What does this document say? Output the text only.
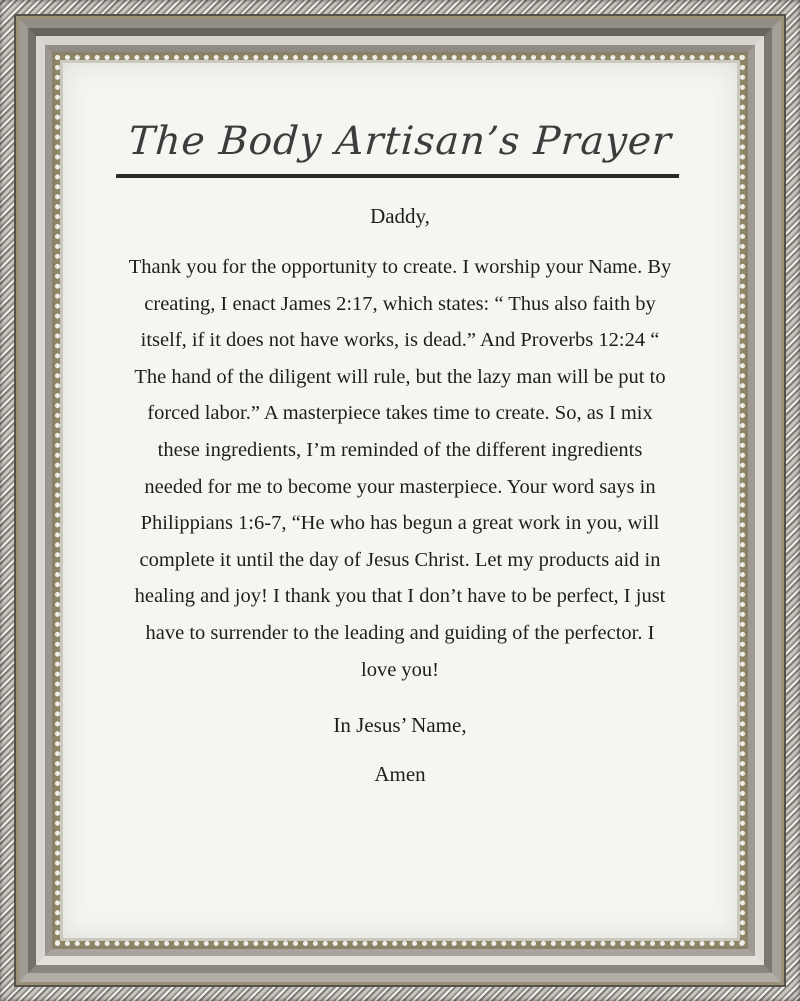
The Body Artisan’s Prayer
Daddy,
Thank you for the opportunity to create. I worship your Name. By creating, I enact James 2:17, which states: “ Thus also faith by itself, if it does not have works, is dead.” And Proverbs 12:24 “ The hand of the diligent will rule, but the lazy man will be put to forced labor.” A masterpiece takes time to create. So, as I mix these ingredients, I’m reminded of the different ingredients needed for me to become your masterpiece. Your word says in Philippians 1:6-7, “He who has begun a great work in you, will complete it until the day of Jesus Christ. Let my products aid in healing and joy! I thank you that I don’t have to be perfect, I just have to surrender to the leading and guiding of the perfector. I love you!
In Jesus’ Name,
Amen
